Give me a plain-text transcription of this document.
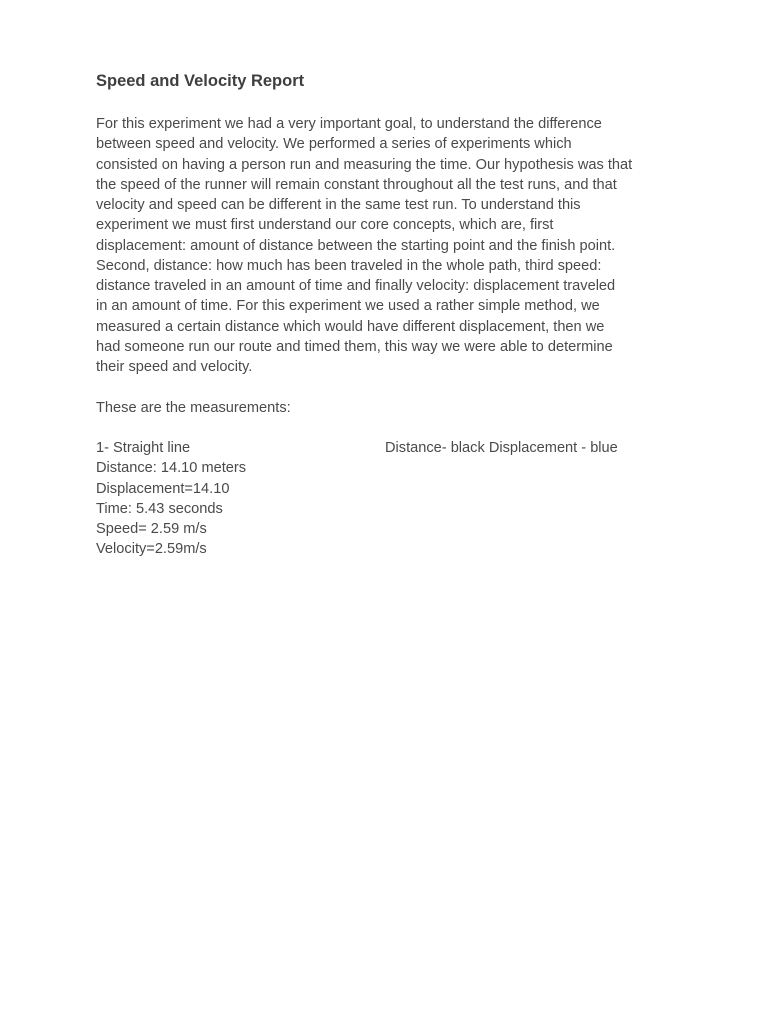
Speed and Velocity Report

For this experiment we had a very important goal, to understand the difference
between speed and velocity. We performed a series of experiments which
consisted on having a person run and measuring the time. Our hypothesis was that
the speed of the runner will remain constant throughout all the test runs, and that
velocity and speed can be different in the same test run. To understand this
experiment we must first understand our core concepts, which are, first
displacement: amount of distance between the starting point and the finish point.
Second, distance: how much has been traveled in the whole path, third speed:
distance traveled in an amount of time and finally velocity: displacement traveled
in an amount of time. For this experiment we used a rather simple method, we
measured a certain distance which would have different displacement, then we
had someone run our route and timed them, this way we were able to determine
their speed and velocity.

These are the measurements:

1- Straight line
Distance: 14.10 meters
Displacement=14.10
Time: 5.43 seconds
Speed= 2.59 m/s
Velocity=2.59m/s
Distance- black Displacement - blue
